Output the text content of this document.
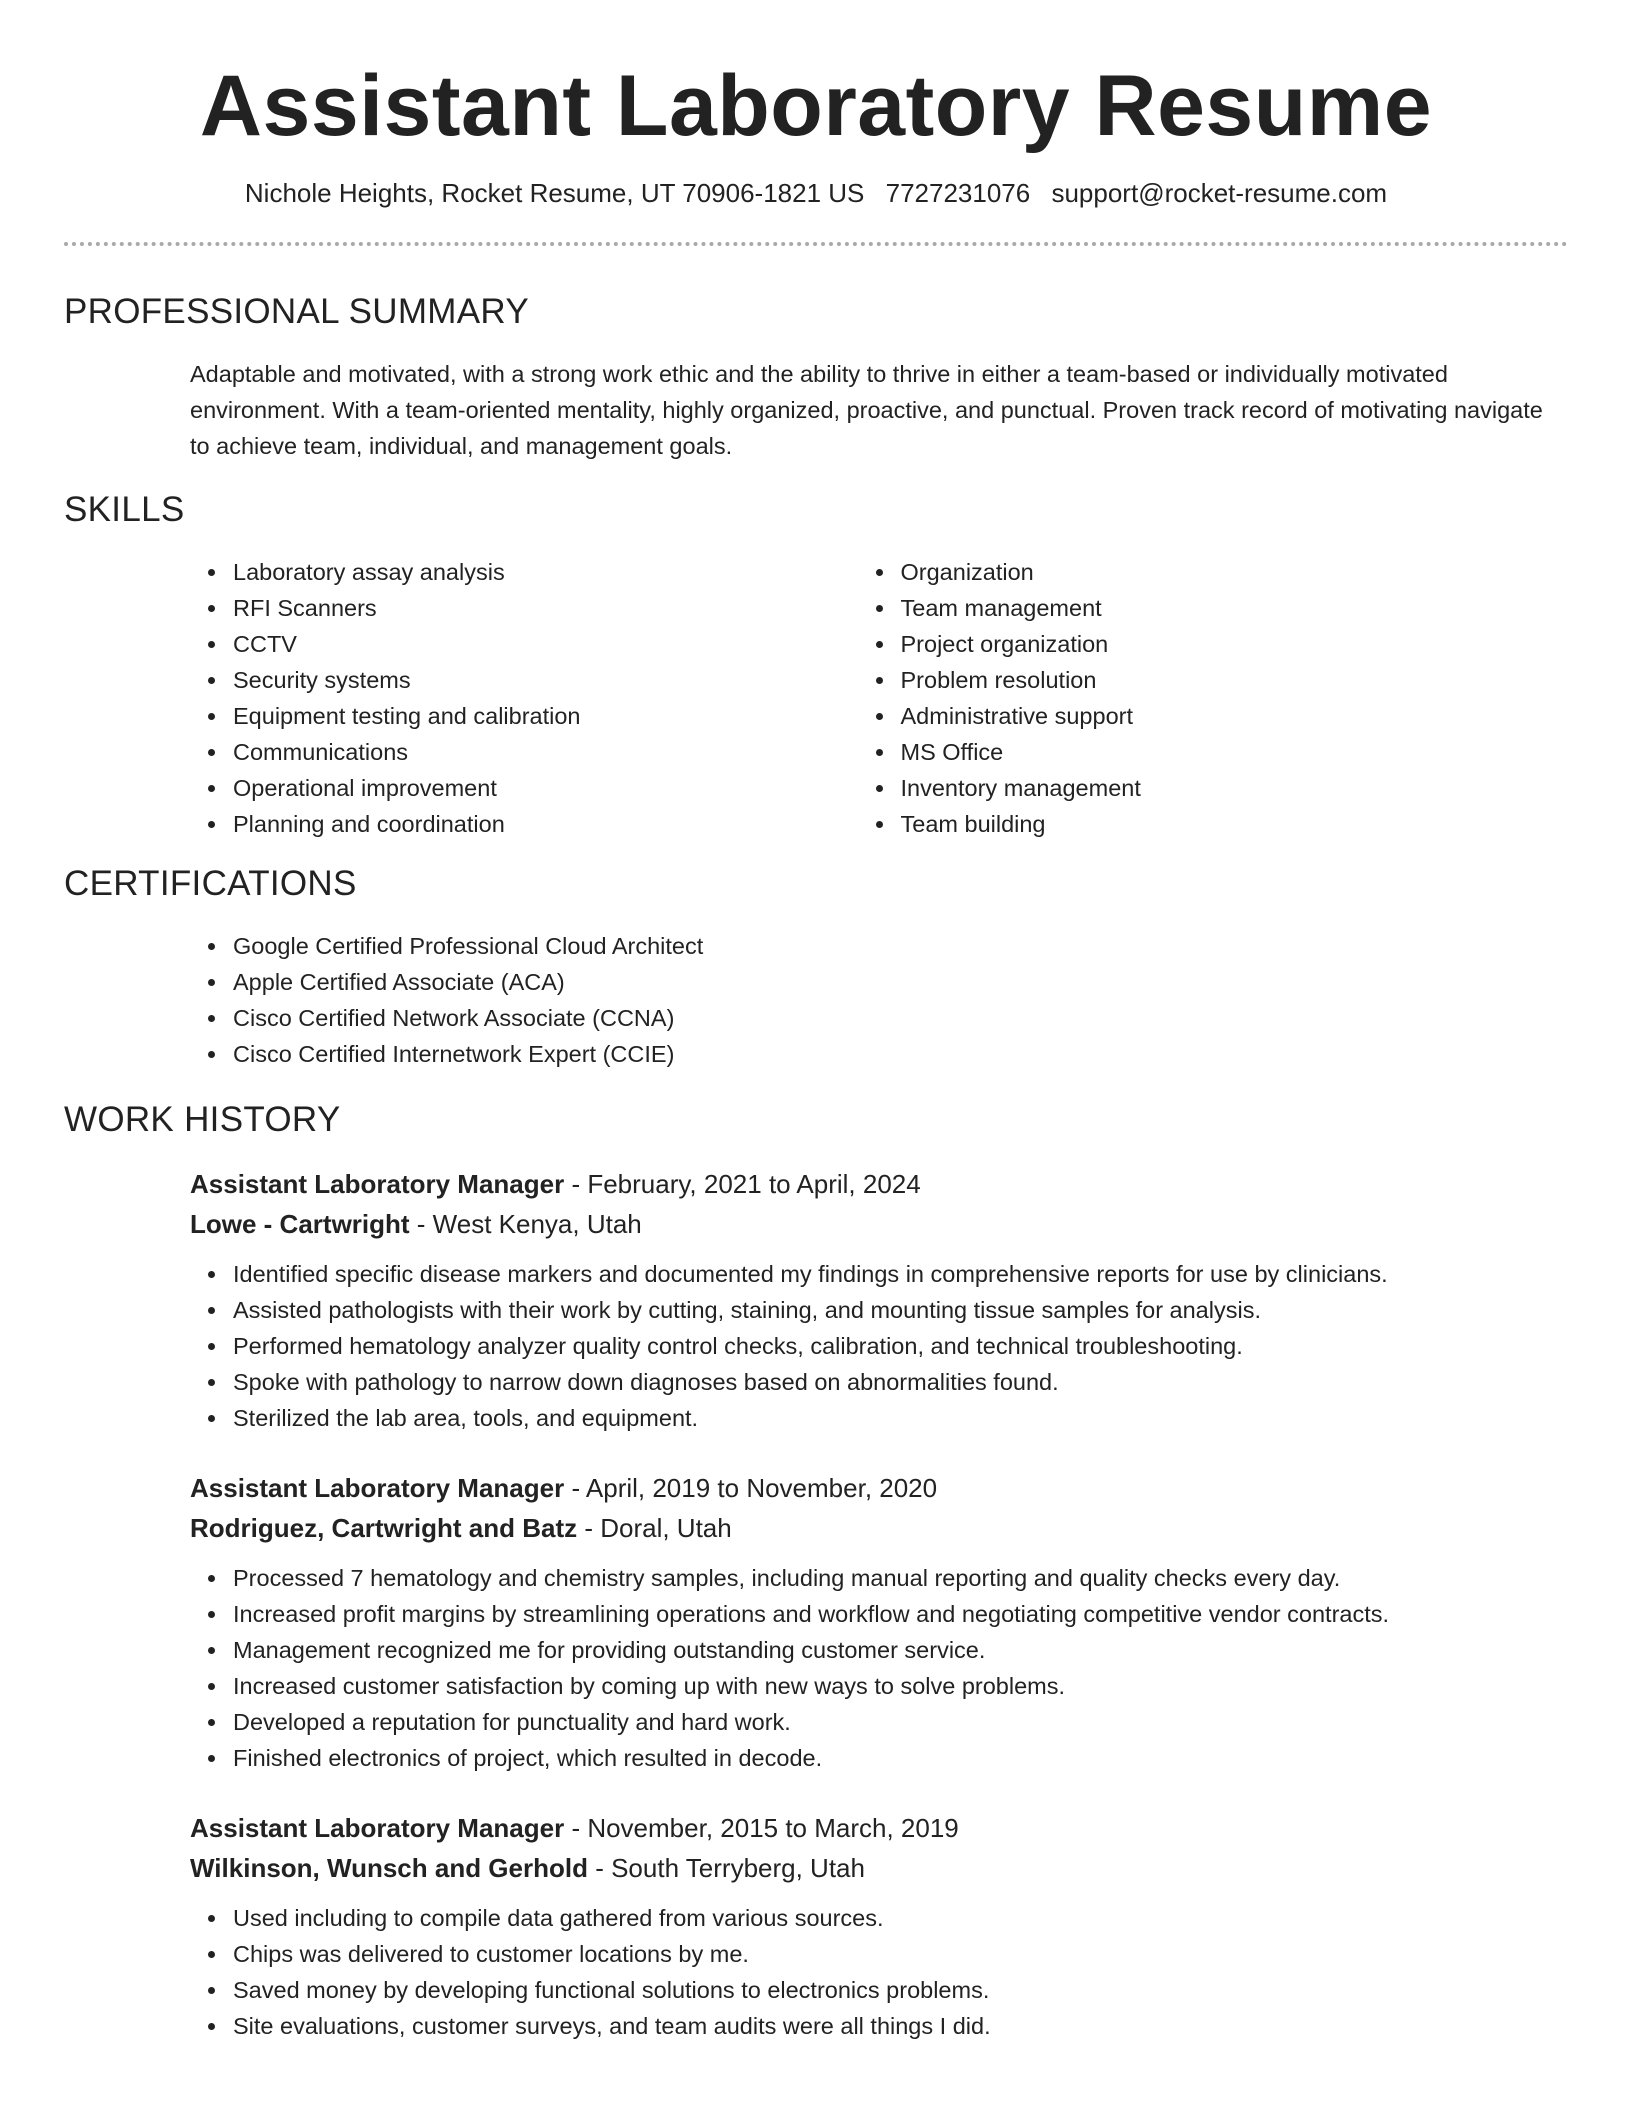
Assistant Laboratory Resume
Nichole Heights, Rocket Resume, UT 70906-1821 US 7727231076 support@rocket-resume.com
PROFESSIONAL SUMMARY

Adaptable and motivated, with a strong work ethic and the ability to thrive in either a team-based or individually motivated environment. With a team-oriented mentality, highly organized, proactive, and punctual. Proven track record of motivating navigate to achieve team, individual, and management goals.

SKILLS
Laboratory assay analysis
RFI Scanners
CCTV
Security systems
Equipment testing and calibration
Communications
Operational improvement
Planning and coordination
Organization
Team management
Project organization
Problem resolution
Administrative support
MS Office
Inventory management
Team building
CERTIFICATIONS
Google Certified Professional Cloud Architect
Apple Certified Associate (ACA)
Cisco Certified Network Associate (CCNA)
Cisco Certified Internetwork Expert (CCIE)
WORK HISTORY
Assistant Laboratory Manager - February, 2021 to April, 2024
Lowe - Cartwright - West Kenya, Utah
Identified specific disease markers and documented my findings in comprehensive reports for use by clinicians.
Assisted pathologists with their work by cutting, staining, and mounting tissue samples for analysis.
Performed hematology analyzer quality control checks, calibration, and technical troubleshooting.
Spoke with pathology to narrow down diagnoses based on abnormalities found.
Sterilized the lab area, tools, and equipment.
Assistant Laboratory Manager - April, 2019 to November, 2020
Rodriguez, Cartwright and Batz - Doral, Utah
Processed 7 hematology and chemistry samples, including manual reporting and quality checks every day.
Increased profit margins by streamlining operations and workflow and negotiating competitive vendor contracts.
Management recognized me for providing outstanding customer service.
Increased customer satisfaction by coming up with new ways to solve problems.
Developed a reputation for punctuality and hard work.
Finished electronics of project, which resulted in decode.
Assistant Laboratory Manager - November, 2015 to March, 2019
Wilkinson, Wunsch and Gerhold - South Terryberg, Utah
Used including to compile data gathered from various sources.
Chips was delivered to customer locations by me.
Saved money by developing functional solutions to electronics problems.
Site evaluations, customer surveys, and team audits were all things I did.
